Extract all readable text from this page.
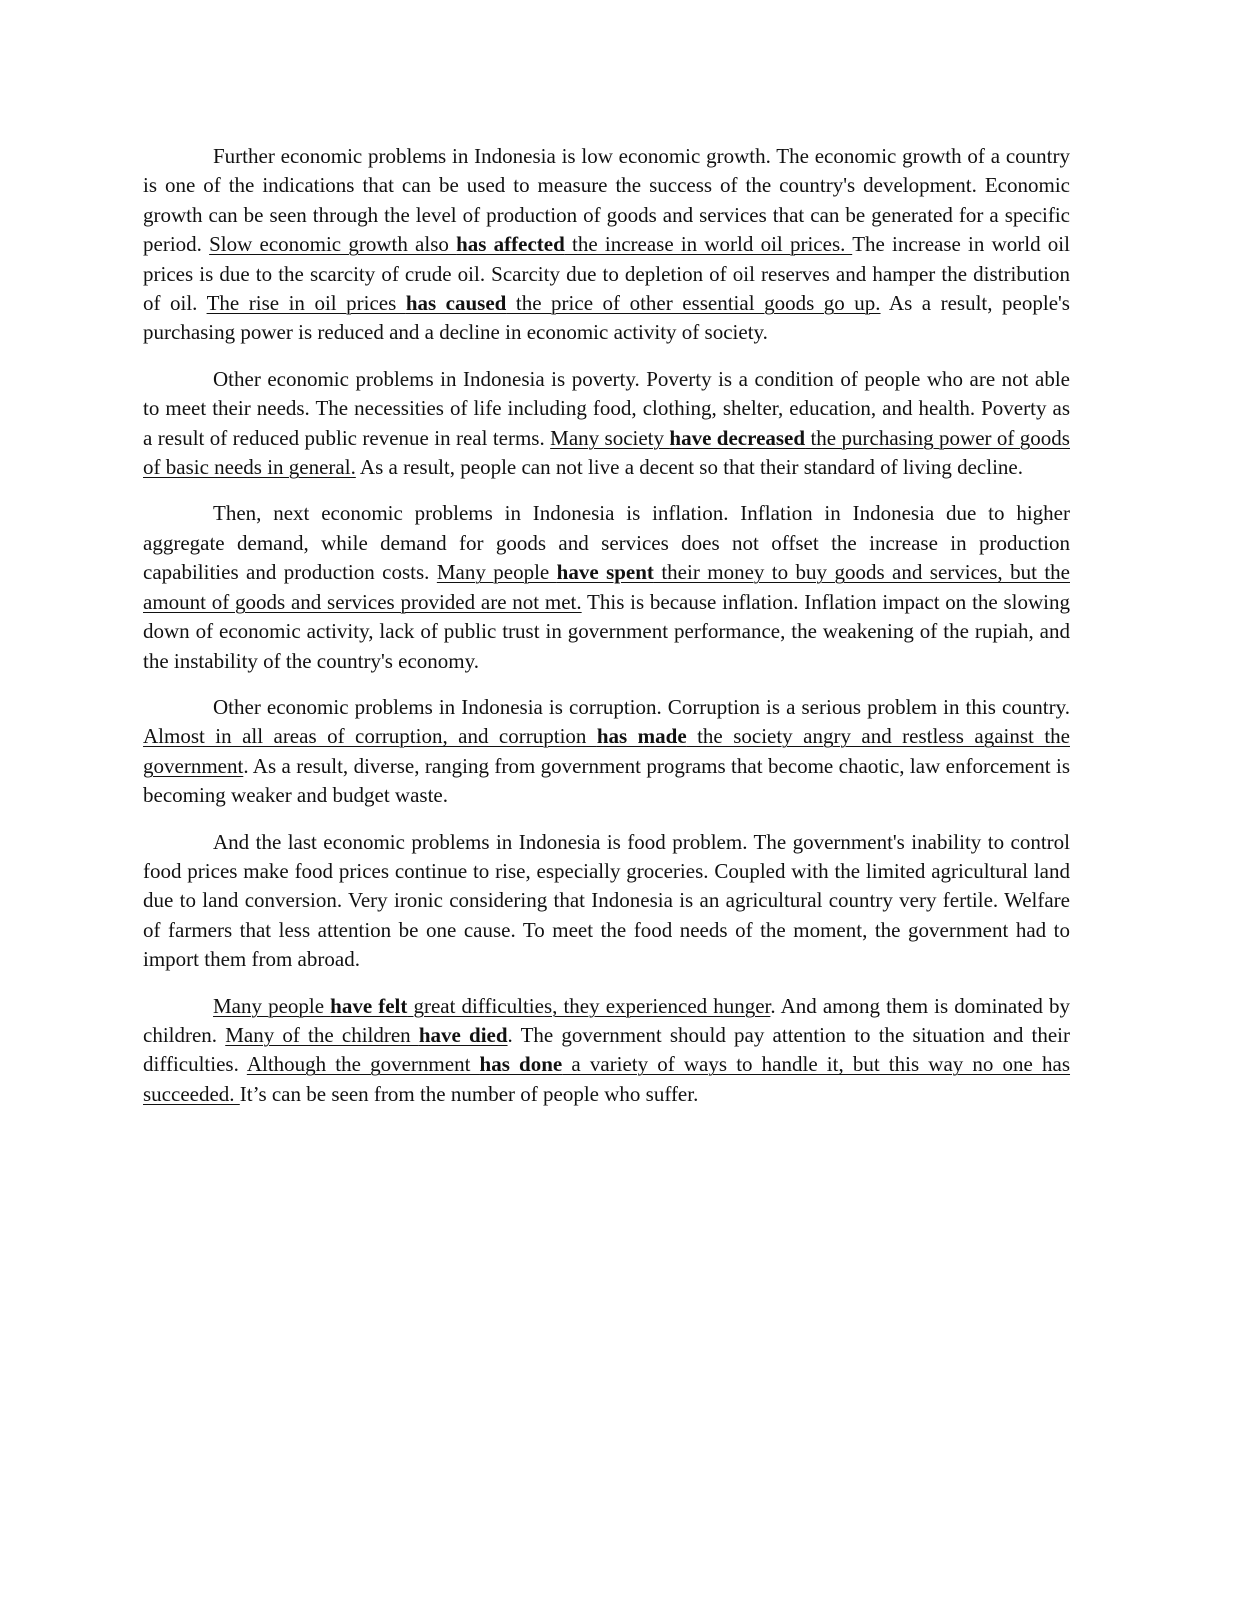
Further economic problems in Indonesia is low economic growth. The economic growth of a country is one of the indications that can be used to measure the success of the country's development. Economic growth can be seen through the level of production of goods and services that can be generated for a specific period. Slow economic growth also has affected the increase in world oil prices. The increase in world oil prices is due to the scarcity of crude oil. Scarcity due to depletion of oil reserves and hamper the distribution of oil. The rise in oil prices has caused the price of other essential goods go up. As a result, people's purchasing power is reduced and a decline in economic activity of society.

Other economic problems in Indonesia is poverty. Poverty is a condition of people who are not able to meet their needs. The necessities of life including food, clothing, shelter, education, and health. Poverty as a result of reduced public revenue in real terms. Many society have decreased the purchasing power of goods of basic needs in general. As a result, people can not live a decent so that their standard of living decline.

Then, next economic problems in Indonesia is inflation. Inflation in Indonesia due to higher aggregate demand, while demand for goods and services does not offset the increase in production capabilities and production costs. Many people have spent their money to buy goods and services, but the amount of goods and services provided are not met. This is because inflation. Inflation impact on the slowing down of economic activity, lack of public trust in government performance, the weakening of the rupiah, and the instability of the country's economy.

Other economic problems in Indonesia is corruption. Corruption is a serious problem in this country. Almost in all areas of corruption, and corruption has made the society angry and restless against the government. As a result, diverse, ranging from government programs that become chaotic, law enforcement is becoming weaker and budget waste.

And the last economic problems in Indonesia is food problem. The government's inability to control food prices make food prices continue to rise, especially groceries. Coupled with the limited agricultural land due to land conversion. Very ironic considering that Indonesia is an agricultural country very fertile. Welfare of farmers that less attention be one cause. To meet the food needs of the moment, the government had to import them from abroad.

Many people have felt great difficulties, they experienced hunger. And among them is dominated by children. Many of the children have died. The government should pay attention to the situation and their difficulties. Although the government has done a variety of ways to handle it, but this way no one has succeeded. It’s can be seen from the number of people who suffer.
